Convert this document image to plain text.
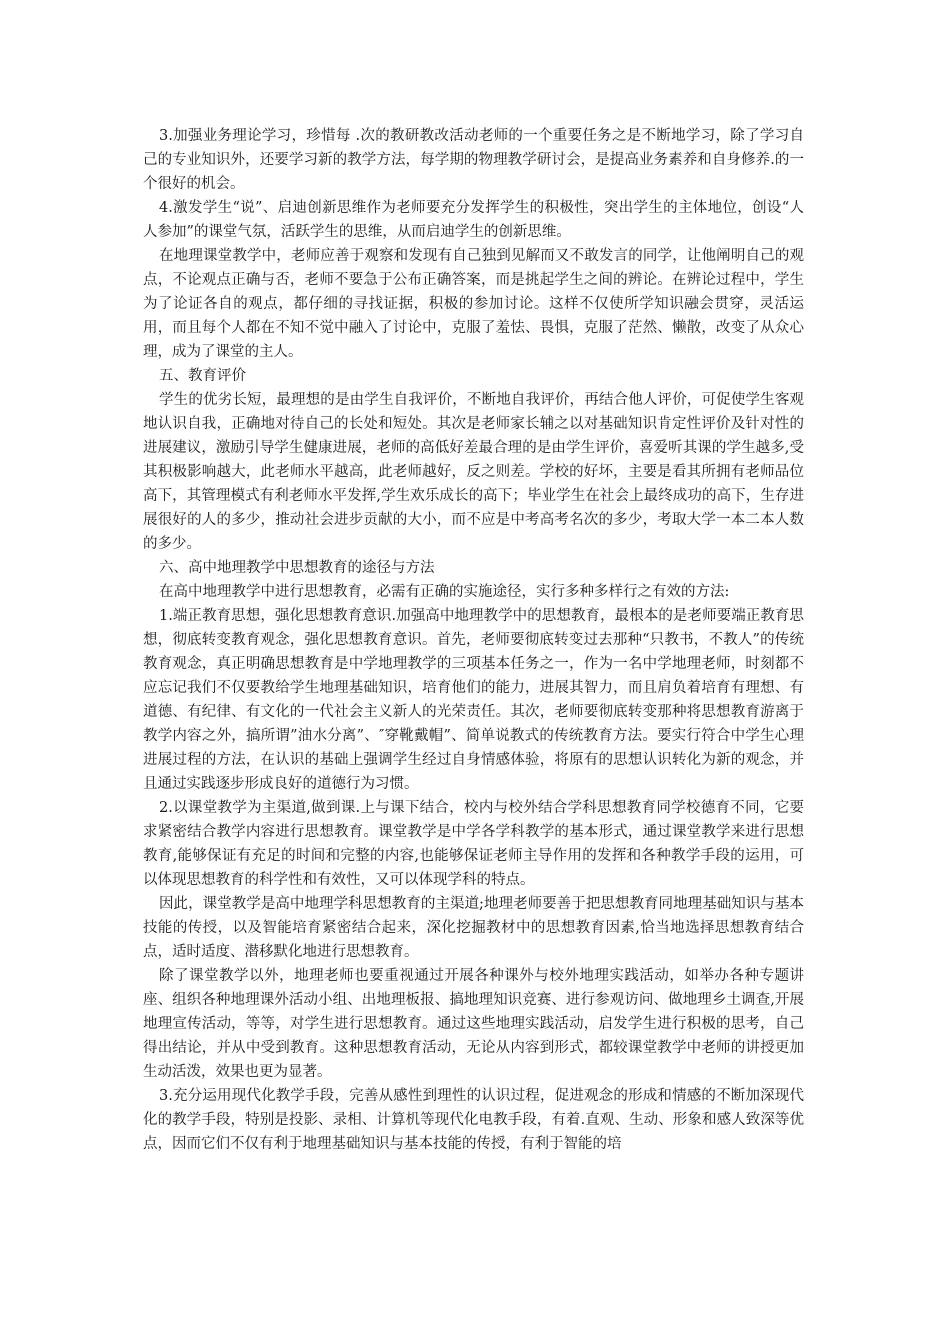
3.加强业务理论学习，珍惜每 .次的教研教改活动老师的一个重要任务之是不断地学习，除了学习自己的专业知识外，还要学习新的教学方法，每学期的物理教学研讨会，是提高业务素养和自身修养.的一个很好的机会。

4.激发学生“说”、启迪创新思维作为老师要充分发挥学生的积极性，突出学生的主体地位，创设“人人参加”的课堂气氛，活跃学生的思维，从而启迪学生的创新思维。

在地理课堂教学中，老师应善于观察和发现有自己独到见解而又不敢发言的同学，让他阐明自己的观点，不论观点正确与否，老师不要急于公布正确答案，而是挑起学生之间的辨论。在辨论过程中，学生为了论证各自的观点，都仔细的寻找证据，积极的参加讨论。这样不仅使所学知识融会贯穿，灵活运用，而且每个人都在不知不觉中融入了讨论中，克服了羞怯、畏惧，克服了茫然、懒散，改变了从众心理，成为了课堂的主人。

五、教育评价

学生的优劣长短，最理想的是由学生自我评价，不断地自我评价，再结合他人评价，可促使学生客观地认识自我，正确地对待自己的长处和短处。其次是老师家长辅之以对基础知识肯定性评价及针对性的进展建议，激励引导学生健康进展，老师的高低好差最合理的是由学生评价，喜爱听其课的学生越多,受其积极影响越大，此老师水平越高，此老师越好，反之则差。学校的好坏，主要是看其所拥有老师品位高下，其管理模式有利老师水平发挥,学生欢乐成长的高下；毕业学生在社会上最终成功的高下，生存进展很好的人的多少，推动社会进步贡献的大小，而不应是中考高考名次的多少，考取大学一本二本人数的多少。

六、高中地理教学中思想教育的途径与方法

在高中地理教学中进行思想教育，必需有正确的实施途径，实行多种多样行之有效的方法:

1.端正教育思想，强化思想教育意识.加强高中地理教学中的思想教育，最根本的是老师要端正教育思想，彻底转变教育观念，强化思想教育意识。首先，老师要彻底转变过去那种“只教书，不教人”的传统教育观念，真正明确思想教育是中学地理教学的三项基本任务之一，作为一名中学地理老师，时刻都不应忘记我们不仅要教给学生地理基础知识，培育他们的能力，进展其智力，而且肩负着培育有理想、有道德、有纪律、有文化的一代社会主义新人的光荣责任。其次，老师要彻底转变那种将思想教育游离于教学内容之外，搞所谓”油水分离”、″穿靴戴帽”、简单说教式的传统教育方法。要实行符合中学生心理进展过程的方法，在认识的基础上强调学生经过自身情感体验，将原有的思想认识转化为新的观念，并且通过实践逐步形成良好的道德行为习惯。

2.以课堂教学为主渠道,做到课.上与课下结合，校内与校外结合学科思想教育同学校德育不同，它要求紧密结合教学内容进行思想教育。课堂教学是中学各学科教学的基本形式，通过课堂教学来进行思想教育,能够保证有充足的时间和完整的内容,也能够保证老师主导作用的发挥和各种教学手段的运用，可以体现思想教育的科学性和有效性，又可以体现学科的特点。

因此，课堂教学是高中地理学科思想教育的主渠道;地理老师要善于把思想教育同地理基础知识与基本技能的传授，以及智能培育紧密结合起来，深化挖掘教材中的思想教育因素,恰当地选择思想教育结合点，适时适度、潜移默化地进行思想教育。

除了课堂教学以外，地理老师也要重视通过开展各种课外与校外地理实践活动，如举办各种专题讲座、组织各种地理课外活动小组、出地理板报、搞地理知识竞赛、进行参观访问、做地理乡土调查,开展地理宣传活动，等等，对学生进行思想教育。通过这些地理实践活动，启发学生进行积极的思考，自己得出结论，并从中受到教育。这种思想教育活动，无论从内容到形式，都较课堂教学中老师的讲授更加生动活泼，效果也更为显著。

3.充分运用现代化教学手段，完善从感性到理性的认识过程，促进观念的形成和情感的不断加深现代化的教学手段，特别是投影、录相、计算机等现代化电教手段，有着.直观、生动、形象和感人致深等优点，因而它们不仅有利于地理基础知识与基本技能的传授，有利于智能的培
